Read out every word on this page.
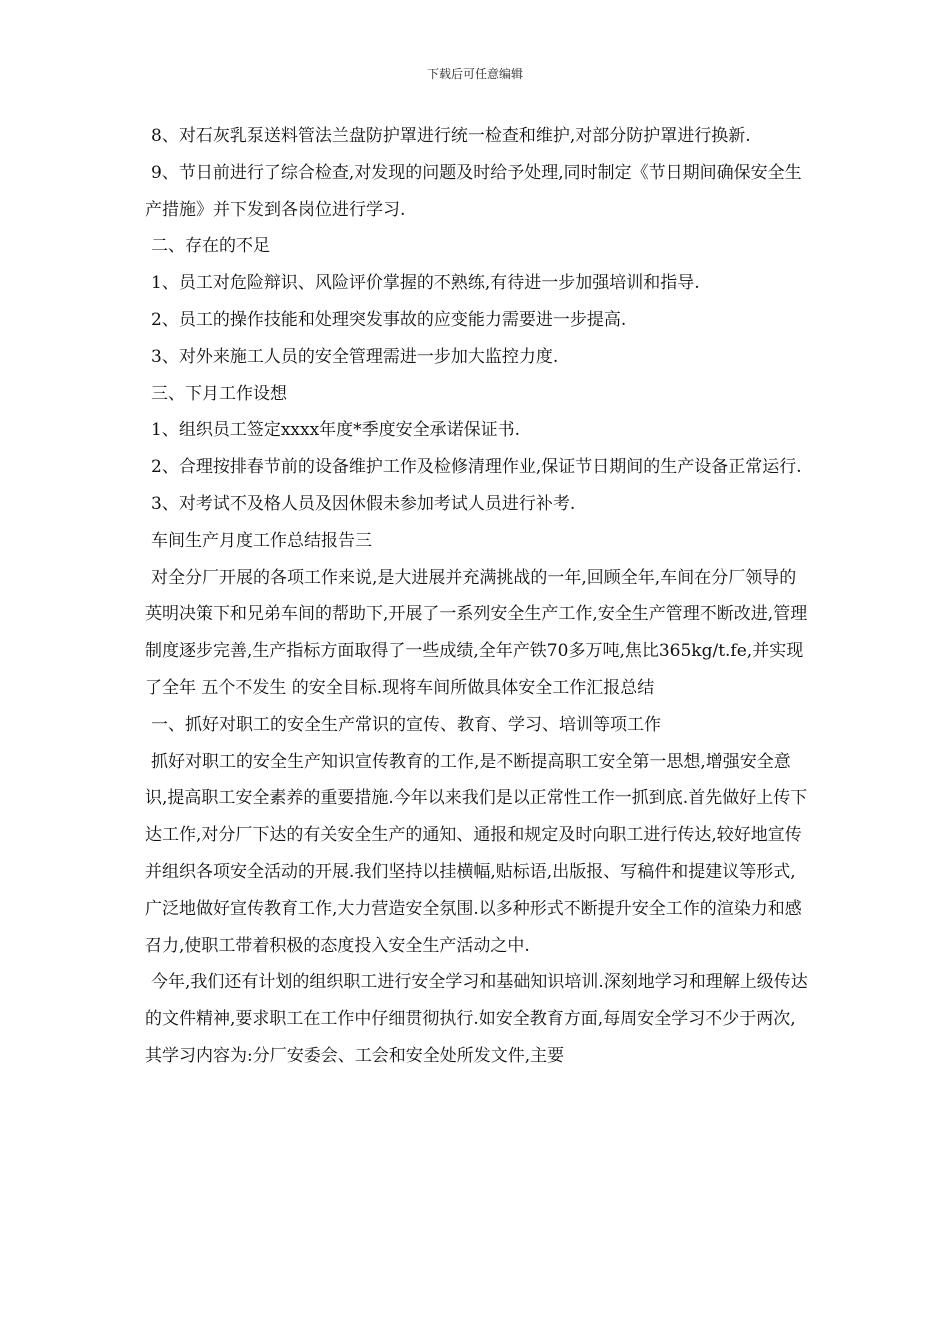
下载后可任意编辑

8、对石灰乳泵送料管法兰盘防护罩进行统一检查和维护,对部分防护罩进行换新.

9、节日前进行了综合检查,对发现的问题及时给予处理,同时制定《节日期间确保安全生产措施》并下发到各岗位进行学习.

二、存在的不足

1、员工对危险辩识、风险评价掌握的不熟练,有待进一步加强培训和指导.

2、员工的操作技能和处理突发事故的应变能力需要进一步提高.

3、对外来施工人员的安全管理需进一步加大监控力度.

三、下月工作设想

1、组织员工签定xxxx年度*季度安全承诺保证书.

2、合理按排春节前的设备维护工作及检修清理作业,保证节日期间的生产设备正常运行.

3、对考试不及格人员及因休假未参加考试人员进行补考.

车间生产月度工作总结报告三

对全分厂开展的各项工作来说,是大进展并充满挑战的一年,回顾全年,车间在分厂领导的英明决策下和兄弟车间的帮助下,开展了一系列安全生产工作,安全生产管理不断改进,管理制度逐步完善,生产指标方面取得了一些成绩,全年产铁70多万吨,焦比365kg/t.fe,并实现了全年 五个不发生 的安全目标.现将车间所做具体安全工作汇报总结

一、抓好对职工的安全生产常识的宣传、教育、学习、培训等项工作

抓好对职工的安全生产知识宣传教育的工作,是不断提高职工安全第一思想,增强安全意识,提高职工安全素养的重要措施.今年以来我们是以正常性工作一抓到底.首先做好上传下达工作,对分厂下达的有关安全生产的通知、通报和规定及时向职工进行传达,较好地宣传并组织各项安全活动的开展.我们坚持以挂横幅,贴标语,出版报、写稿件和提建议等形式,广泛地做好宣传教育工作,大力营造安全氛围.以多种形式不断提升安全工作的渲染力和感召力,使职工带着积极的态度投入安全生产活动之中.

今年,我们还有计划的组织职工进行安全学习和基础知识培训.深刻地学习和理解上级传达的文件精神,要求职工在工作中仔细贯彻执行.如安全教育方面,每周安全学习不少于两次,其学习内容为:分厂安委会、工会和安全处所发文件,主要
